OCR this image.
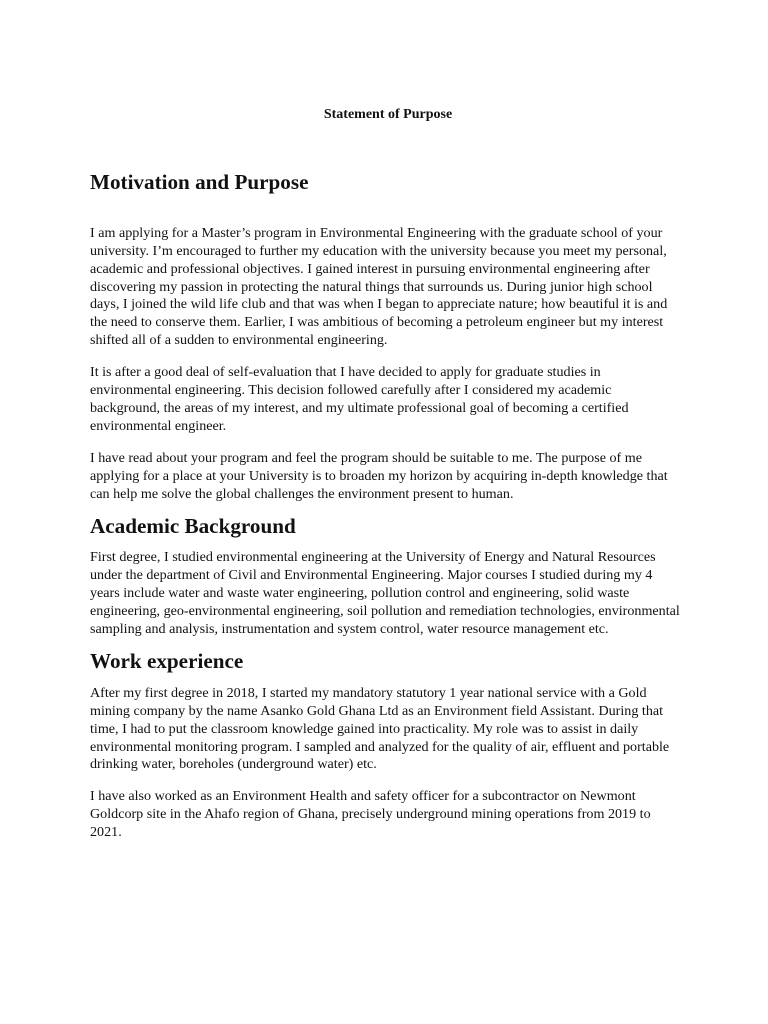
Statement of Purpose
Motivation and Purpose

I am applying for a Master’s program in Environmental Engineering with the graduate school of your university. I’m encouraged to further my education with the university because you meet my personal, academic and professional objectives. I gained interest in pursuing environmental engineering after discovering my passion in protecting the natural things that surrounds us. During junior high school days, I joined the wild life club and that was when I began to appreciate nature; how beautiful it is and the need to conserve them. Earlier, I was ambitious of becoming a petroleum engineer but my interest shifted all of a sudden to environmental engineering.

It is after a good deal of self-evaluation that I have decided to apply for graduate studies in environmental engineering. This decision followed carefully after I considered my academic background, the areas of my interest, and my ultimate professional goal of becoming a certified environmental engineer.

I have read about your program and feel the program should be suitable to me. The purpose of me applying for a place at your University is to broaden my horizon by acquiring in-depth knowledge that can help me solve the global challenges the environment present to human.

Academic Background

First degree, I studied environmental engineering at the University of Energy and Natural Resources under the department of Civil and Environmental Engineering. Major courses I studied during my 4 years include water and waste water engineering, pollution control and engineering, solid waste engineering, geo-environmental engineering, soil pollution and remediation technologies, environmental sampling and analysis, instrumentation and system control, water resource management etc.

Work experience

After my first degree in 2018, I started my mandatory statutory 1 year national service with a Gold mining company by the name Asanko Gold Ghana Ltd as an Environment field Assistant. During that time, I had to put the classroom knowledge gained into practicality. My role was to assist in daily environmental monitoring program. I sampled and analyzed for the quality of air, effluent and portable drinking water, boreholes (underground water) etc.

I have also worked as an Environment Health and safety officer for a subcontractor on Newmont Goldcorp site in the Ahafo region of Ghana, precisely underground mining operations from 2019 to 2021.
